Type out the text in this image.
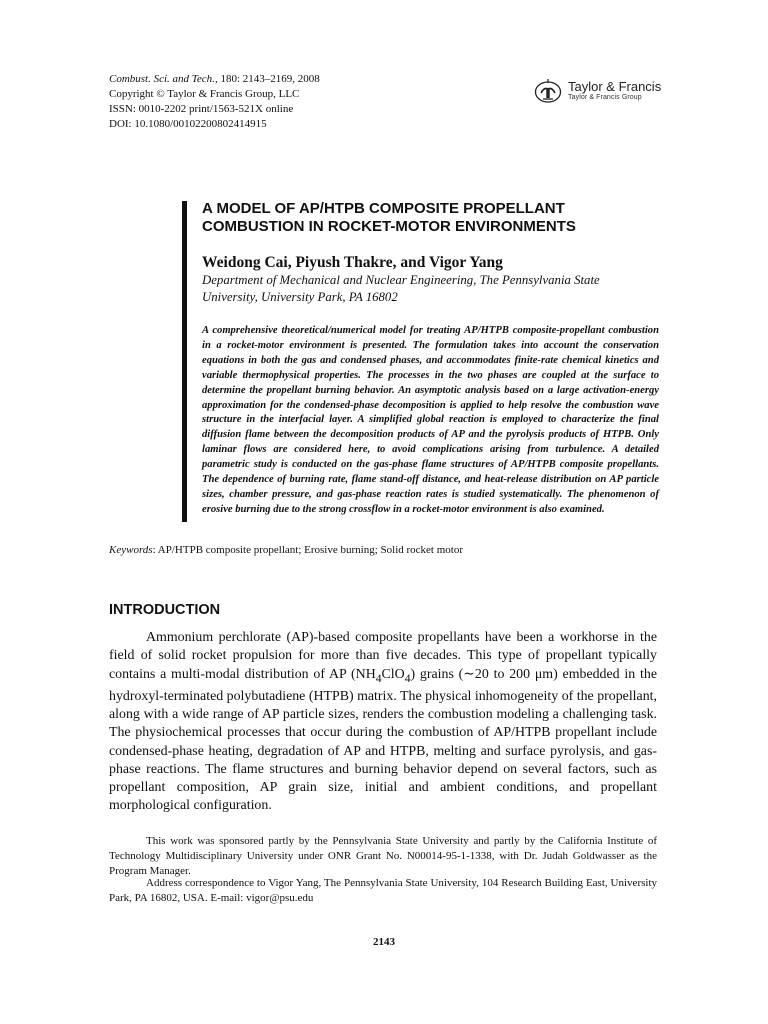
Combust. Sci. and Tech., 180: 2143–2169, 2008
Copyright © Taylor & Francis Group, LLC
ISSN: 0010-2202 print/1563-521X online
DOI: 10.1080/00102200802414915
Taylor & Francis
Taylor & Francis Group
A MODEL OF AP/HTPB COMPOSITE PROPELLANT
COMBUSTION IN ROCKET-MOTOR ENVIRONMENTS
Weidong Cai, Piyush Thakre, and Vigor Yang
Department of Mechanical and Nuclear Engineering, The Pennsylvania State
University, University Park, PA 16802

A comprehensive theoretical/numerical model for treating AP/HTPB composite-propellant combustion in a rocket-motor environment is presented. The formulation takes into account the conservation equations in both the gas and condensed phases, and accommodates finite-rate chemical kinetics and variable thermophysical properties. The processes in the two phases are coupled at the surface to determine the propellant burning behavior. An asymptotic analysis based on a large activation-energy approximation for the condensed-phase decomposition is applied to help resolve the combustion wave structure in the interfacial layer. A simplified global reaction is employed to characterize the final diffusion flame between the decomposition products of AP and the pyrolysis products of HTPB. Only laminar flows are considered here, to avoid complications arising from turbulence. A detailed parametric study is conducted on the gas-phase flame structures of AP/HTPB composite propellants. The dependence of burning rate, flame stand-off distance, and heat-release distribution on AP particle sizes, chamber pressure, and gas-phase reaction rates is studied systematically. The phenomenon of erosive burning due to the strong crossflow in a rocket-motor environment is also examined.

Keywords: AP/HTPB composite propellant; Erosive burning; Solid rocket motor
INTRODUCTION

Ammonium perchlorate (AP)-based composite propellants have been a workhorse in the field of solid rocket propulsion for more than five decades. This type of propellant typically contains a multi-modal distribution of AP $(NH_4ClO_4)$ grains (∼20 to 200 μm) embedded in the hydroxyl-terminated polybutadiene (HTPB) matrix. The physical inhomogeneity of the propellant, along with a wide range of AP particle sizes, renders the combustion modeling a challenging task. The physiochemical processes that occur during the combustion of AP/HTPB propellant include condensed-phase heating, degradation of AP and HTPB, melting and surface pyrolysis, and gas-phase reactions. The flame structures and burning behavior depend on several factors, such as propellant composition, AP grain size, initial and ambient conditions, and propellant morphological configuration.

This work was sponsored partly by the Pennsylvania State University and partly by the California Institute of Technology Multidisciplinary University under ONR Grant No. N00014-95-1-1338, with Dr. Judah Goldwasser as the Program Manager.

Address correspondence to Vigor Yang, The Pennsylvania State University, 104 Research Building East, University Park, PA 16802, USA. E-mail: vigor@psu.edu

2143
